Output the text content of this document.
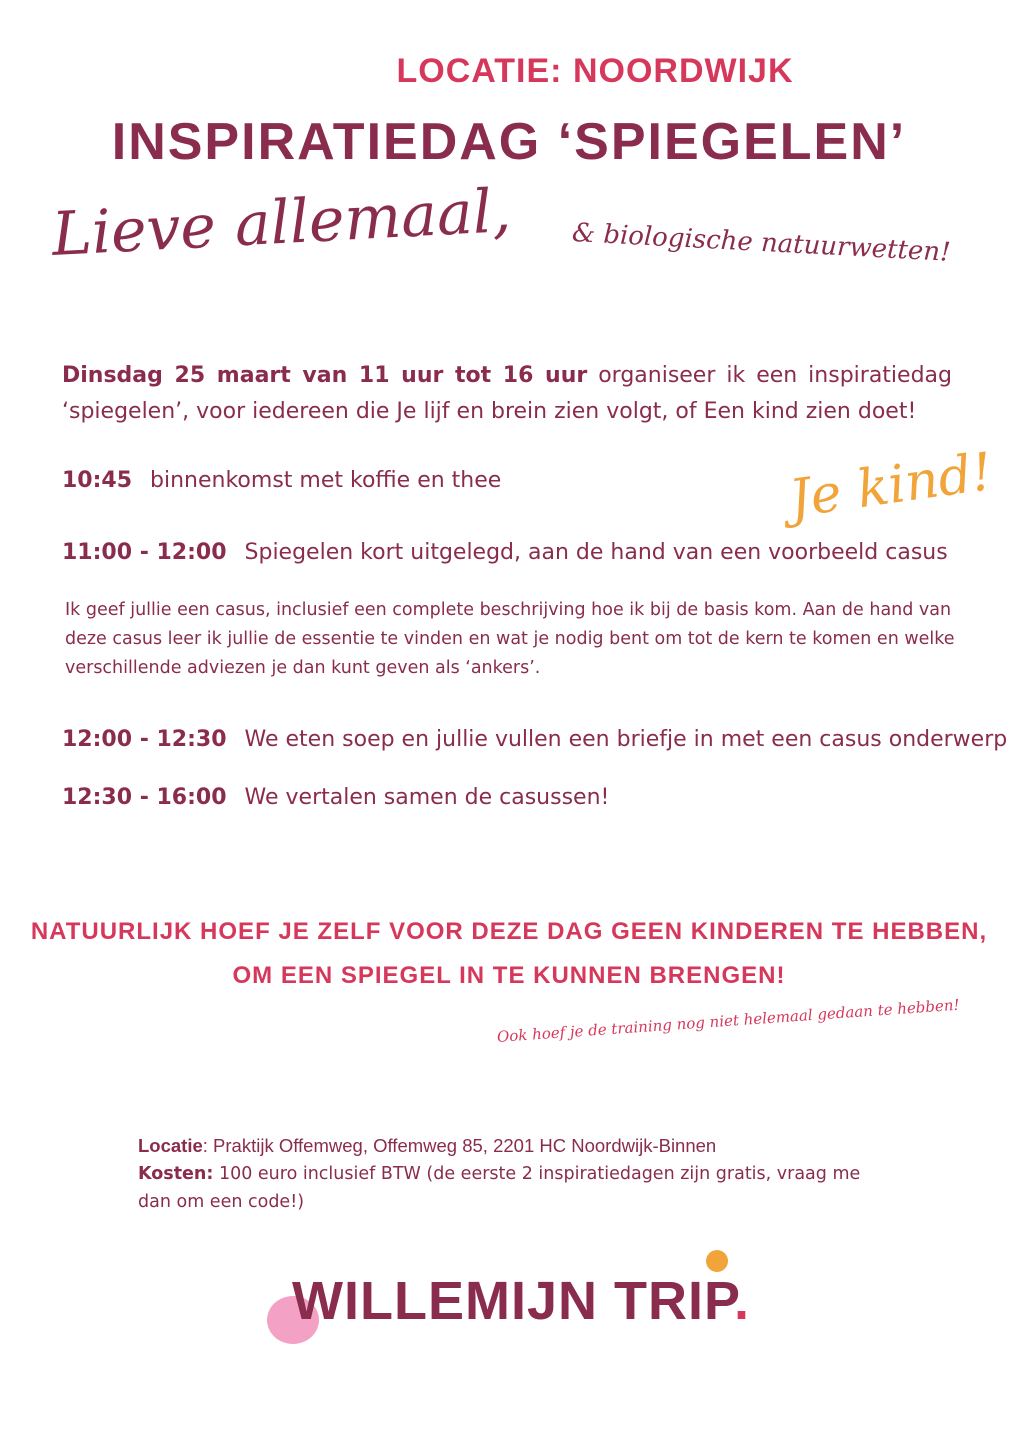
LOCATIE: NOORDWIJK
INSPIRATIEDAG ‘SPIEGELEN’
Lieve allemaal, & biologische natuurwetten!
Dinsdag 25 maart van 11 uur tot 16 uur organiseer ik een inspiratiedag ‘spiegelen’, voor iedereen die Je lijf en brein zien volgt, of Een kind zien doet!
10:45 binnenkomst met koffie en thee	Je kind!
11:00 - 12:00 Spiegelen kort uitgelegd, aan de hand van een voorbeeld casus
Ik geef jullie een casus, inclusief een complete beschrijving hoe ik bij de basis kom. Aan de hand van deze casus leer ik jullie de essentie te vinden en wat je nodig bent om tot de kern te komen en welke verschillende adviezen je dan kunt geven als ‘ankers’.
12:00 - 12:30 We eten soep en jullie vullen een briefje in met een casus onderwerp
12:30 - 16:00 We vertalen samen de casussen!
NATUURLIJK HOEF JE ZELF VOOR DEZE DAG GEEN KINDEREN TE HEBBEN,
OM EEN SPIEGEL IN TE KUNNEN BRENGEN!
Ook hoef je de training nog niet helemaal gedaan te hebben!
Locatie: Praktijk Offemweg, Offemweg 85, 2201 HC Noordwijk-Binnen
Kosten: 100 euro inclusief BTW (de eerste 2 inspiratiedagen zijn gratis, vraag me dan om een code!)
WILLEMIJN TRIP.
